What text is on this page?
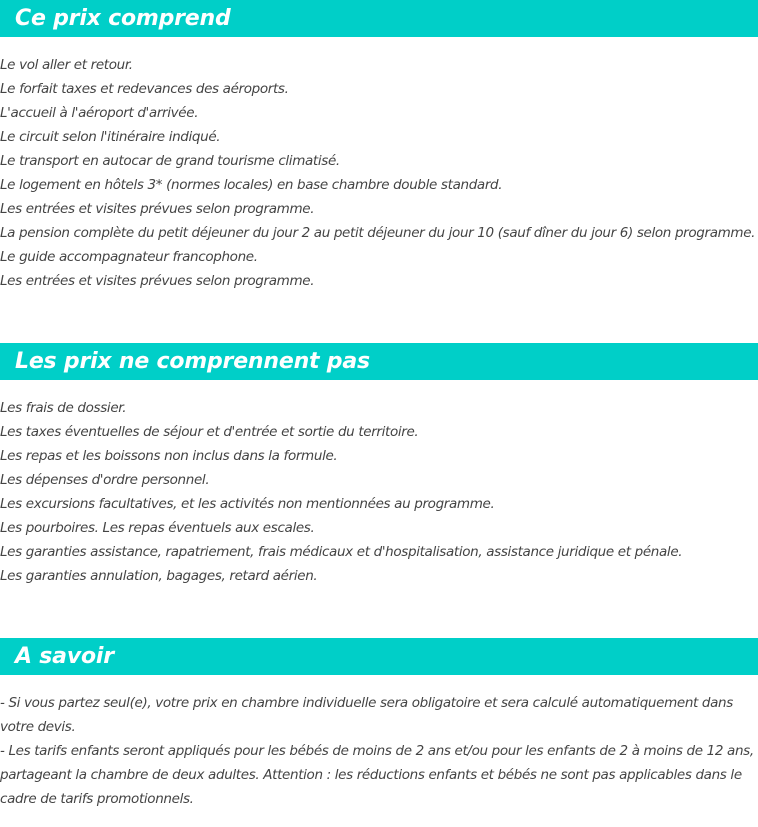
Ce prix comprend
Le vol aller et retour.
Le forfait taxes et redevances des aéroports.
L'accueil à l'aéroport d'arrivée.
Le circuit selon l'itinéraire indiqué.
Le transport en autocar de grand tourisme climatisé.
Le logement en hôtels 3* (normes locales) en base chambre double standard.
Les entrées et visites prévues selon programme.
La pension complète du petit déjeuner du jour 2 au petit déjeuner du jour 10 (sauf dîner du jour 6) selon programme.
Le guide accompagnateur francophone.
Les entrées et visites prévues selon programme.
Les prix ne comprennent pas
Les frais de dossier.
Les taxes éventuelles de séjour et d'entrée et sortie du territoire.
Les repas et les boissons non inclus dans la formule.
Les dépenses d'ordre personnel.
Les excursions facultatives, et les activités non mentionnées au programme.
Les pourboires. Les repas éventuels aux escales.
Les garanties assistance, rapatriement, frais médicaux et d'hospitalisation, assistance juridique et pénale.
Les garanties annulation, bagages, retard aérien.
A savoir
- Si vous partez seul(e), votre prix en chambre individuelle sera obligatoire et sera calculé automatiquement dans votre devis.
- Les tarifs enfants seront appliqués pour les bébés de moins de 2 ans et/ou pour les enfants de 2 à moins de 12 ans, partageant la chambre de deux adultes. Attention : les réductions enfants et bébés ne sont pas applicables dans le cadre de tarifs promotionnels.
